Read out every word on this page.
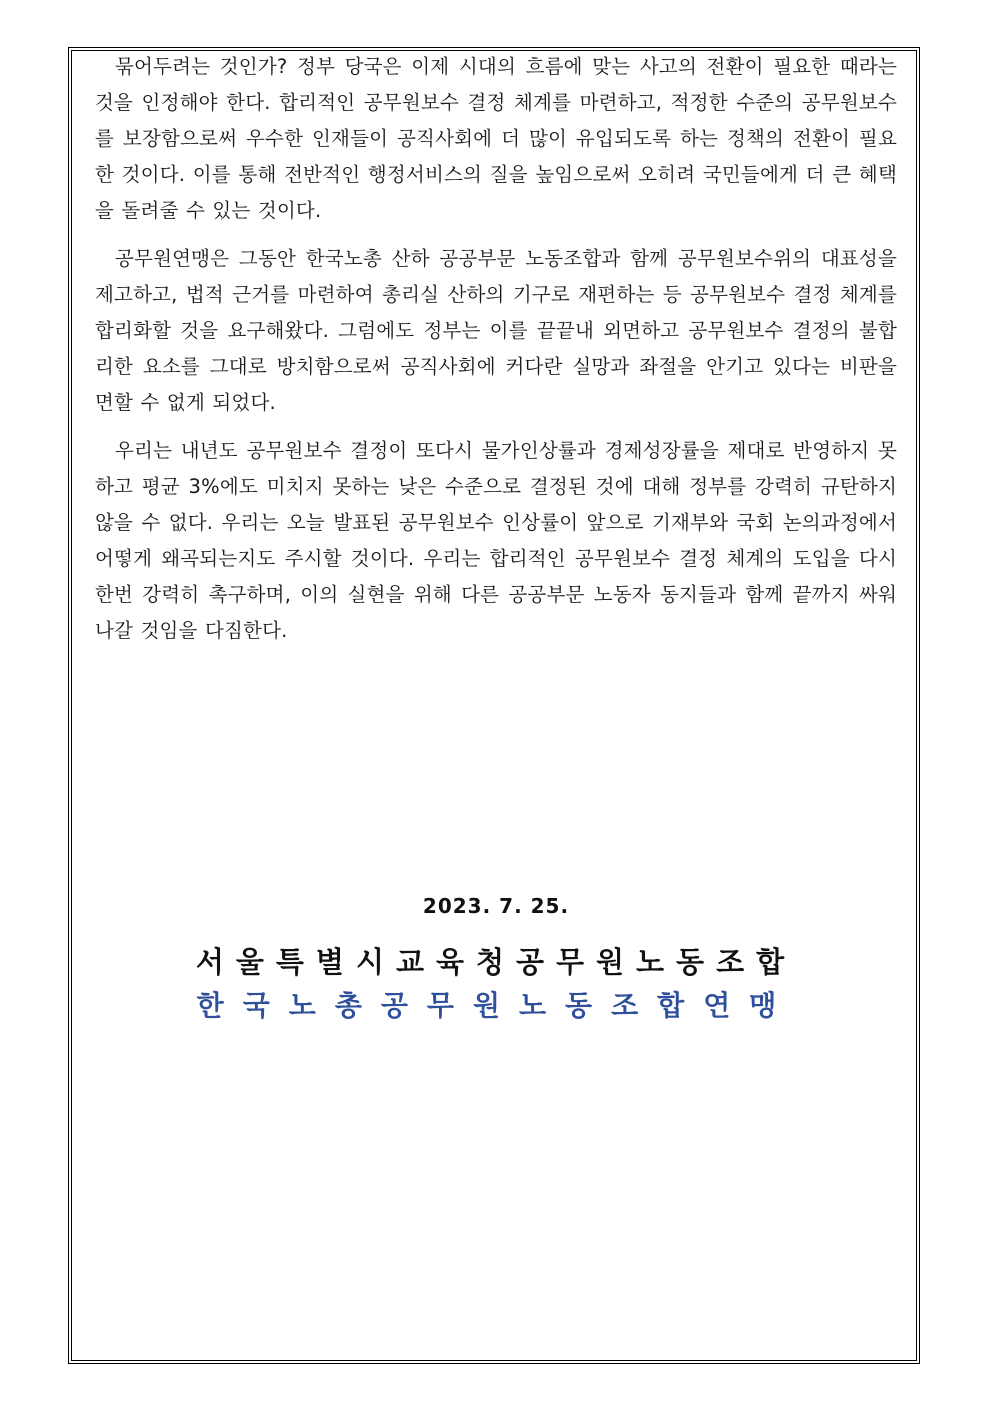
묶어두려는 것인가? 정부 당국은 이제 시대의 흐름에 맞는 사고의 전환이 필요한 때라는 것을 인정해야 한다. 합리적인 공무원보수 결정 체계를 마련하고, 적정한 수준의 공무원보수를 보장함으로써 우수한 인재들이 공직사회에 더 많이 유입되도록 하는 정책의 전환이 필요한 것이다. 이를 통해 전반적인 행정서비스의 질을 높임으로써 오히려 국민들에게 더 큰 혜택을 돌려줄 수 있는 것이다.

공무원연맹은 그동안 한국노총 산하 공공부문 노동조합과 함께 공무원보수위의 대표성을 제고하고, 법적 근거를 마련하여 총리실 산하의 기구로 재편하는 등 공무원보수 결정 체계를 합리화할 것을 요구해왔다. 그럼에도 정부는 이를 끝끝내 외면하고 공무원보수 결정의 불합리한 요소를 그대로 방치함으로써 공직사회에 커다란 실망과 좌절을 안기고 있다는 비판을 면할 수 없게 되었다.

우리는 내년도 공무원보수 결정이 또다시 물가인상률과 경제성장률을 제대로 반영하지 못하고 평균 3%에도 미치지 못하는 낮은 수준으로 결정된 것에 대해 정부를 강력히 규탄하지 않을 수 없다. 우리는 오늘 발표된 공무원보수 인상률이 앞으로 기재부와 국회 논의과정에서 어떻게 왜곡되는지도 주시할 것이다. 우리는 합리적인 공무원보수 결정 체계의 도입을 다시 한번 강력히 촉구하며, 이의 실현을 위해 다른 공공부문 노동자 동지들과 함께 끝까지 싸워 나갈 것임을 다짐한다.

2023. 7. 25.
서울특별시교육청공무원노동조합
한국노총공무원노동조합연맹
